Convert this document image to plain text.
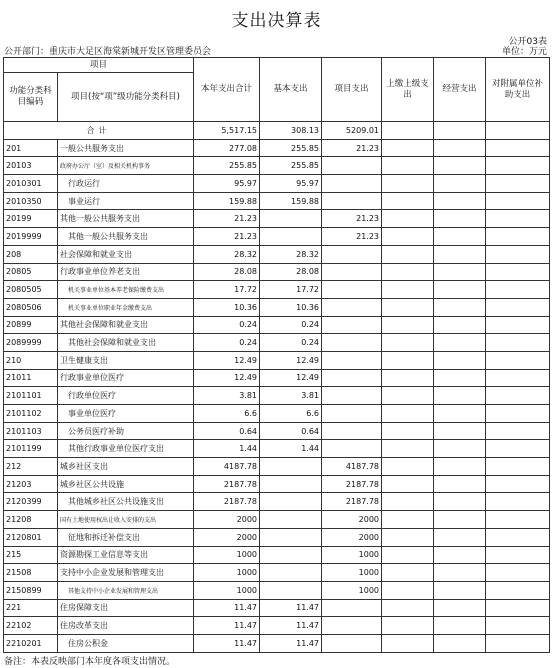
支出决算表
公开03表
公开部门：重庆市大足区海棠新城开发区管理委员会	单位：万元
项目		本年支出合计	基本支出	项目支出	上缴上级支出	经营支出	对附属单位补助支出
功能分类科目编码	项目(按“项”级功能分类科目)						
合计		5,517.15	308.13	5209.01			
201	一般公共服务支出	277.08	255.85	21.23			
20103	政府办公厅（室）及相关机构事务	255.85	255.85				
2010301	行政运行	95.97	95.97				
2010350	事业运行	159.88	159.88				
20199	其他一般公共服务支出	21.23		21.23			
2019999	其他一般公共服务支出	21.23		21.23			
208	社会保障和就业支出	28.32	28.32				
20805	行政事业单位养老支出	28.08	28.08				
2080505	机关事业单位基本养老保险缴费支出	17.72	17.72				
2080506	机关事业单位职业年金缴费支出	10.36	10.36				
20899	其他社会保障和就业支出	0.24	0.24				
2089999	其他社会保障和就业支出	0.24	0.24				
210	卫生健康支出	12.49	12.49				
21011	行政事业单位医疗	12.49	12.49				
2101101	行政单位医疗	3.81	3.81				
2101102	事业单位医疗	6.6	6.6				
2101103	公务员医疗补助	0.64	0.64				
2101199	其他行政事业单位医疗支出	1.44	1.44				
212	城乡社区支出	4187.78		4187.78			
21203	城乡社区公共设施	2187.78		2187.78			
2120399	其他城乡社区公共设施支出	2187.78		2187.78			
21208	国有土地使用权出让收入安排的支出	2000		2000			
2120801	征地和拆迁补偿支出	2000		2000			
215	资源勘探工业信息等支出	1000		1000			
21508	支持中小企业发展和管理支出	1000		1000			
2150899	其他支持中小企业发展和管理支出	1000		1000			
221	住房保障支出	11.47	11.47				
22102	住房改革支出	11.47	11.47				
2210201	住房公积金	11.47	11.47				
备注：本表反映部门本年度各项支出情况。
